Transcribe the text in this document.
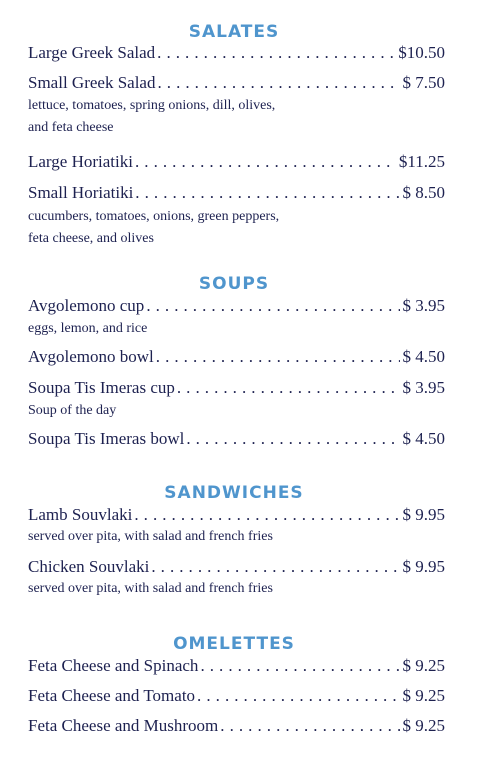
SALATES
Large Greek Salad . . .	$10.50
Small Greek Salad . . .	$ 7.50
lettuce, tomatoes, spring onions, dill, olives,
and feta cheese
Large Horiatiki . . .	$11.25
Small Horiatiki . . .	$ 8.50
cucumbers, tomatoes, onions, green peppers,
feta cheese, and olives
SOUPS
Avgolemono cup . . .	$ 3.95
eggs, lemon, and rice
Avgolemono bowl . . .	$ 4.50
Soupa Tis Imeras cup . . .	$ 3.95
Soup of the day
Soupa Tis Imeras bowl . . .	$ 4.50
SANDWICHES
Lamb Souvlaki . . .	$ 9.95
served over pita, with salad and french fries
Chicken Souvlaki . . .	$ 9.95
served over pita, with salad and french fries
OMELETTES
Feta Cheese and Spinach . . .	$ 9.25
Feta Cheese and Tomato . . .	$ 9.25
Feta Cheese and Mushroom . . .	$ 9.25
